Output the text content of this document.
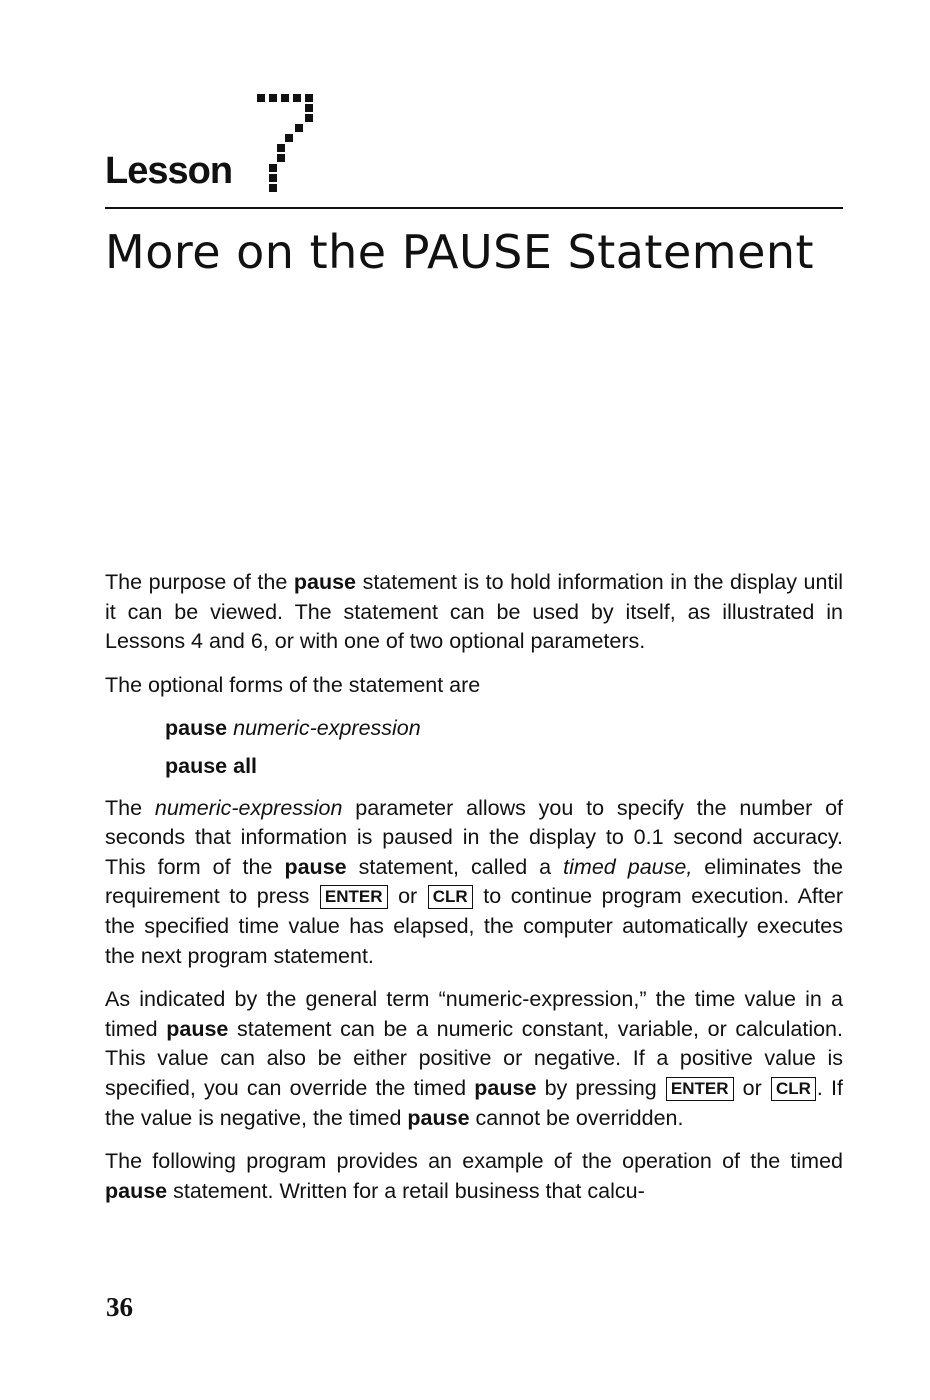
Lesson
More on the PAUSE Statement

The purpose of the pause statement is to hold information in the display until it can be viewed. The statement can be used by itself, as illustrated in Lessons 4 and 6, or with one of two optional parameters.

The optional forms of the statement are

pause numeric-expression
pause all

The numeric-expression parameter allows you to specify the number of seconds that information is paused in the display to 0.1 second accuracy. This form of the pause statement, called a timed pause, eliminates the requirement to press ENTER or CLR to continue program execution. After the specified time value has elapsed, the computer automatically executes the next program statement.

As indicated by the general term “numeric-expression,” the time value in a timed pause statement can be a numeric constant, variable, or calculation. This value can also be either positive or negative. If a positive value is specified, you can override the timed pause by pressing ENTER or CLR . If the value is negative, the timed pause cannot be overridden.

The following program provides an example of the operation of the timed pause statement. Written for a retail business that calcu-

36
